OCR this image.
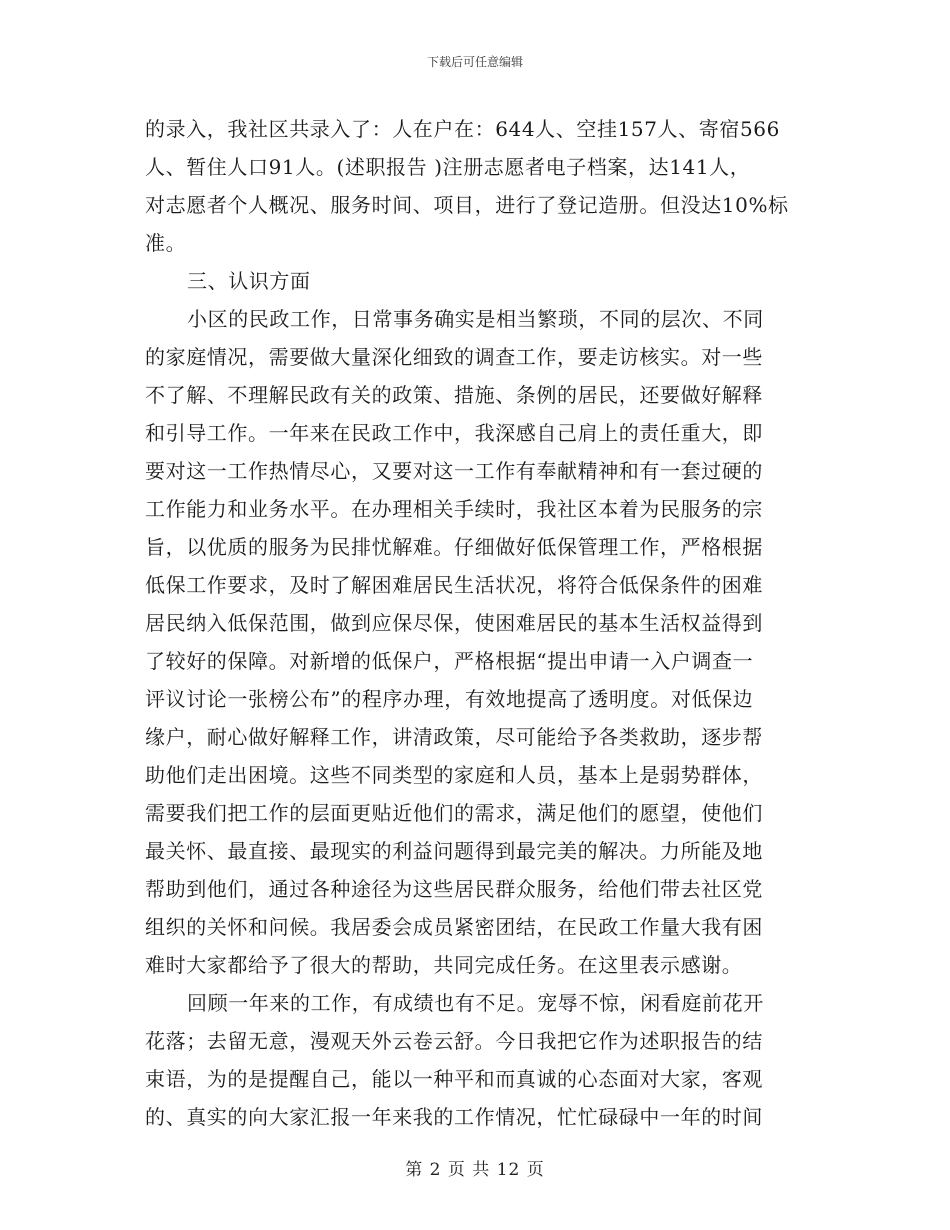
下载后可任意编辑
的录入，我社区共录入了：人在户在：644人、空挂157人、寄宿566
人、暂住人口91人。(述职报告 )注册志愿者电子档案，达141人，
对志愿者个人概况、服务时间、项目，进行了登记造册。但没达10%标
准。
三、认识方面
小区的民政工作，日常事务确实是相当繁琐，不同的层次、不同
的家庭情况，需要做大量深化细致的调查工作，要走访核实。对一些
不了解、不理解民政有关的政策、措施、条例的居民，还要做好解释
和引导工作。一年来在民政工作中，我深感自己肩上的责任重大，即
要对这一工作热情尽心，又要对这一工作有奉献精神和有一套过硬的
工作能力和业务水平。在办理相关手续时，我社区本着为民服务的宗
旨，以优质的服务为民排忧解难。仔细做好低保管理工作，严格根据
低保工作要求，及时了解困难居民生活状况，将符合低保条件的困难
居民纳入低保范围，做到应保尽保，使困难居民的基本生活权益得到
了较好的保障。对新增的低保户，严格根据“提出申请一入户调查一
评议讨论一张榜公布”的程序办理，有效地提高了透明度。对低保边
缘户，耐心做好解释工作，讲清政策，尽可能给予各类救助，逐步帮
助他们走出困境。这些不同类型的家庭和人员，基本上是弱势群体，
需要我们把工作的层面更贴近他们的需求，满足他们的愿望，使他们
最关怀、最直接、最现实的利益问题得到最完美的解决。力所能及地
帮助到他们，通过各种途径为这些居民群众服务，给他们带去社区党
组织的关怀和问候。我居委会成员紧密团结，在民政工作量大我有困
难时大家都给予了很大的帮助，共同完成任务。在这里表示感谢。
回顾一年来的工作，有成绩也有不足。宠辱不惊，闲看庭前花开
花落；去留无意，漫观天外云卷云舒。今日我把它作为述职报告的结
束语，为的是提醒自己，能以一种平和而真诚的心态面对大家，客观
的、真实的向大家汇报一年来我的工作情况，忙忙碌碌中一年的时间
第 2 页 共 12 页
